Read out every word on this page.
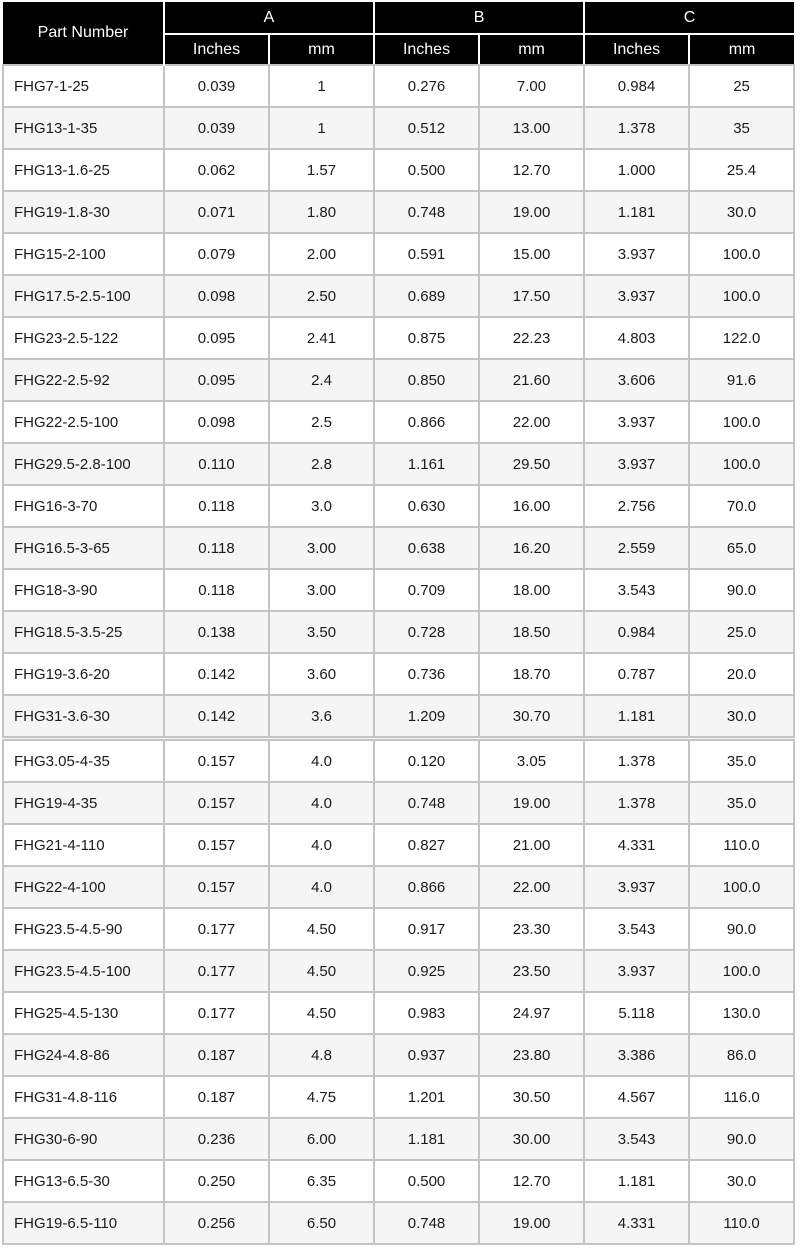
Part Number	A		B		C	
	Inches	mm	Inches	mm	Inches	mm
FHG7-1-25	0.039	1	0.276	7.00	0.984	25
FHG13-1-35	0.039	1	0.512	13.00	1.378	35
FHG13-1.6-25	0.062	1.57	0.500	12.70	1.000	25.4
FHG19-1.8-30	0.071	1.80	0.748	19.00	1.181	30.0
FHG15-2-100	0.079	2.00	0.591	15.00	3.937	100.0
FHG17.5-2.5-100	0.098	2.50	0.689	17.50	3.937	100.0
FHG23-2.5-122	0.095	2.41	0.875	22.23	4.803	122.0
FHG22-2.5-92	0.095	2.4	0.850	21.60	3.606	91.6
FHG22-2.5-100	0.098	2.5	0.866	22.00	3.937	100.0
FHG29.5-2.8-100	0.110	2.8	1.161	29.50	3.937	100.0
FHG16-3-70	0.118	3.0	0.630	16.00	2.756	70.0
FHG16.5-3-65	0.118	3.00	0.638	16.20	2.559	65.0
FHG18-3-90	0.118	3.00	0.709	18.00	3.543	90.0
FHG18.5-3.5-25	0.138	3.50	0.728	18.50	0.984	25.0
FHG19-3.6-20	0.142	3.60	0.736	18.70	0.787	20.0
FHG31-3.6-30	0.142	3.6	1.209	30.70	1.181	30.0
FHG3.05-4-35	0.157	4.0	0.120	3.05	1.378	35.0
FHG19-4-35	0.157	4.0	0.748	19.00	1.378	35.0
FHG21-4-110	0.157	4.0	0.827	21.00	4.331	110.0
FHG22-4-100	0.157	4.0	0.866	22.00	3.937	100.0
FHG23.5-4.5-90	0.177	4.50	0.917	23.30	3.543	90.0
FHG23.5-4.5-100	0.177	4.50	0.925	23.50	3.937	100.0
FHG25-4.5-130	0.177	4.50	0.983	24.97	5.118	130.0
FHG24-4.8-86	0.187	4.8	0.937	23.80	3.386	86.0
FHG31-4.8-116	0.187	4.75	1.201	30.50	4.567	116.0
FHG30-6-90	0.236	6.00	1.181	30.00	3.543	90.0
FHG13-6.5-30	0.250	6.35	0.500	12.70	1.181	30.0
FHG19-6.5-110	0.256	6.50	0.748	19.00	4.331	110.0
